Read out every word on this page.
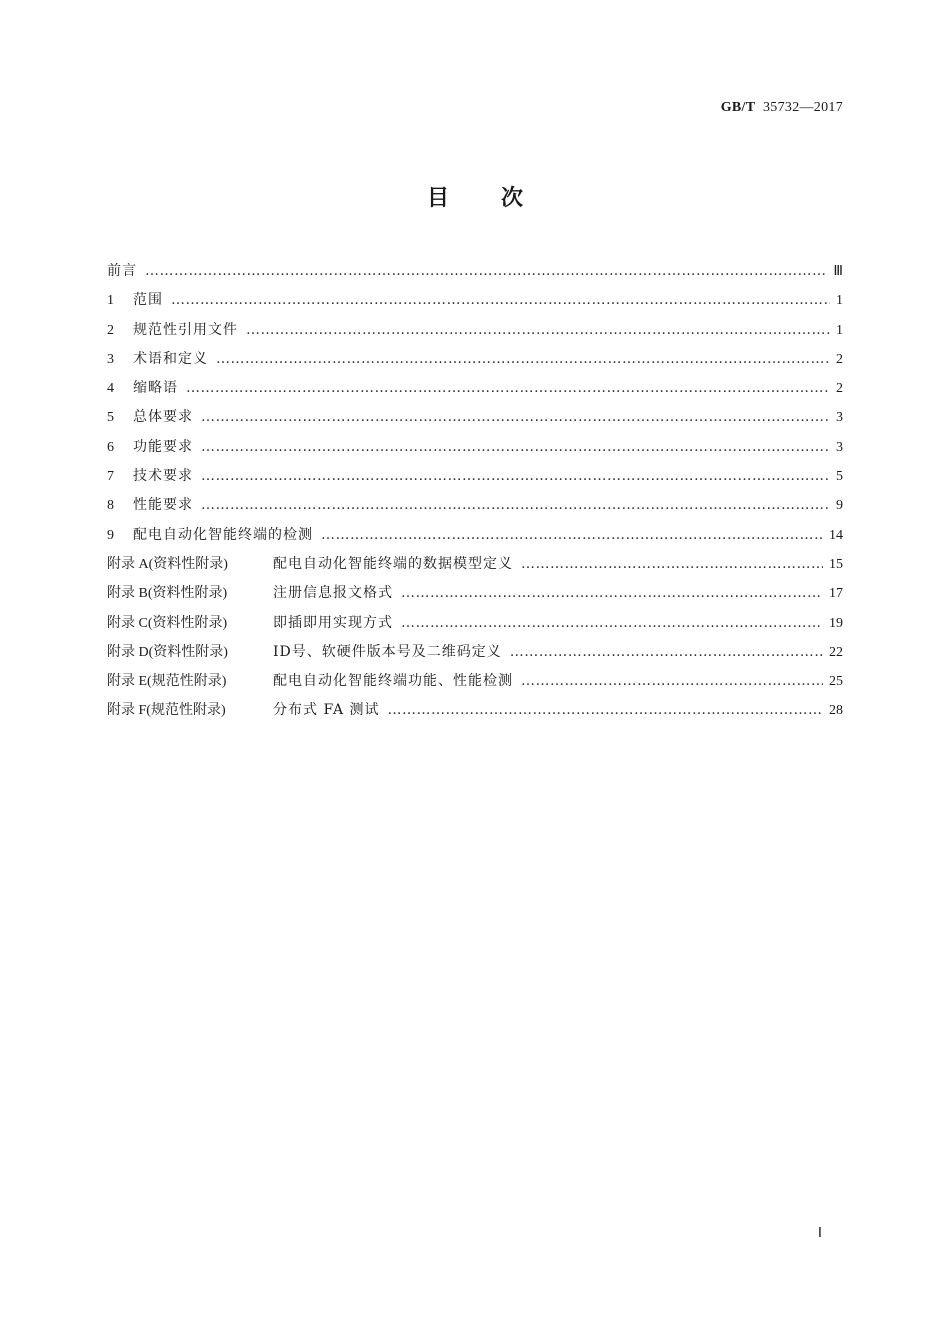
GB/T 35732—2017
目次
前言 ……………………………………………………………………………………………………………………………………………………	Ⅲ
1	范围 ……………………………………………………………………………………………………………………………………………………	1
2	规范性引用文件 ……………………………………………………………………………………………………………………………………………………	1
3	术语和定义 ……………………………………………………………………………………………………………………………………………………	2
4	缩略语 ……………………………………………………………………………………………………………………………………………………	2
5	总体要求 ……………………………………………………………………………………………………………………………………………………	3
6	功能要求 ……………………………………………………………………………………………………………………………………………………	3
7	技术要求 ……………………………………………………………………………………………………………………………………………………	5
8	性能要求 ……………………………………………………………………………………………………………………………………………………	9
9	配电自动化智能终端的检测 ……………………………………………………………………………………………………………………………………………………	14
附录 A(资料性附录)	配电自动化智能终端的数据模型定义 ……………………………………………………………………………………………………………………………………………………	15
附录 B(资料性附录)	注册信息报文格式 ……………………………………………………………………………………………………………………………………………………	17
附录 C(资料性附录)	即插即用实现方式 ……………………………………………………………………………………………………………………………………………………	19
附录 D(资料性附录)	ID号、软硬件版本号及二维码定义 ……………………………………………………………………………………………………………………………………………………	22
附录 E(规范性附录)	配电自动化智能终端功能、性能检测 ……………………………………………………………………………………………………………………………………………………	25
附录 F(规范性附录)	分布式 FA 测试 ……………………………………………………………………………………………………………………………………………………	28
Ⅰ
